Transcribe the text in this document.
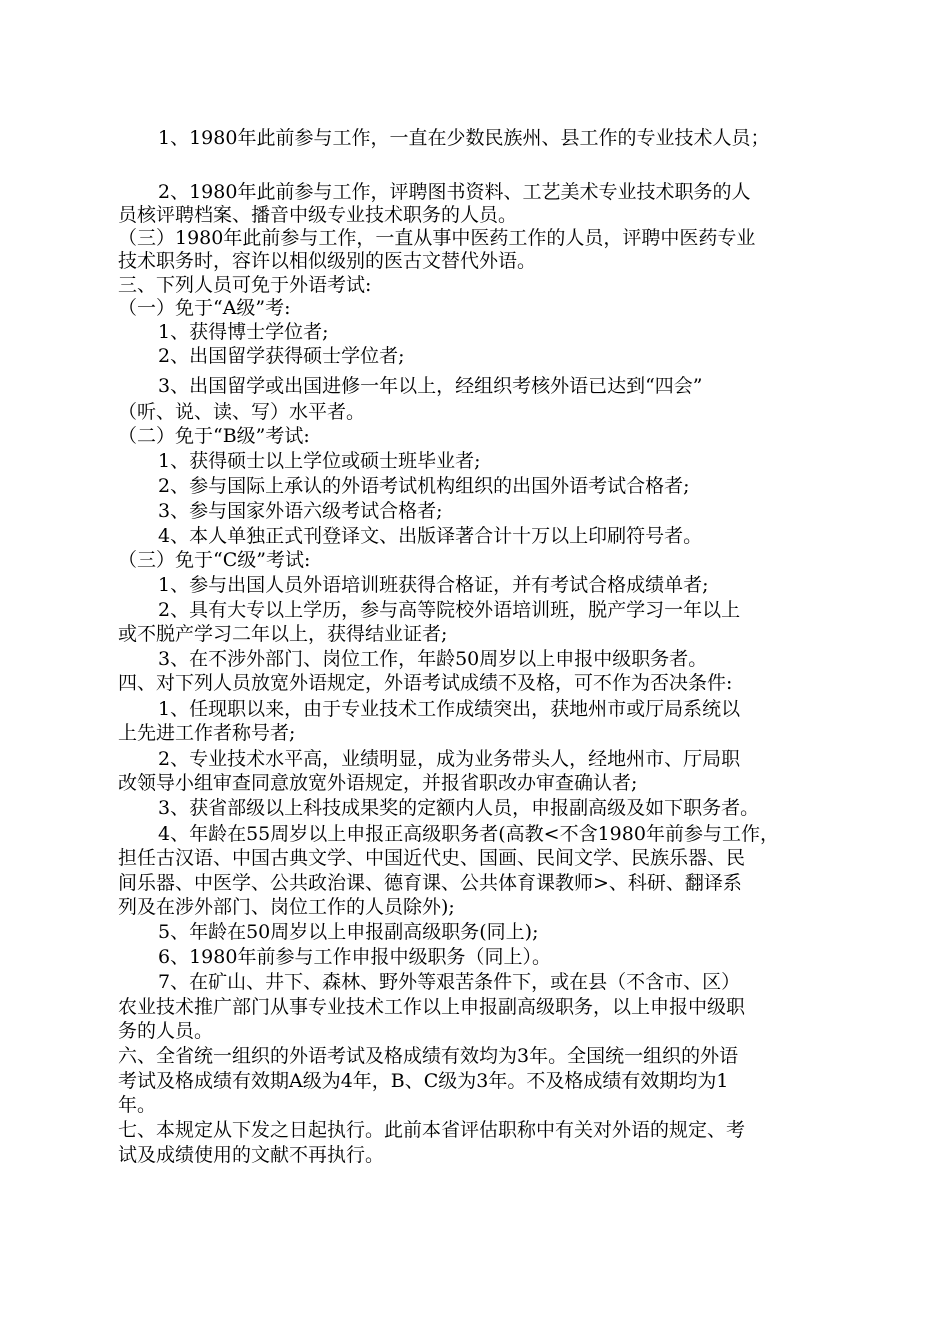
1、1980年此前参与工作，一直在少数民族州、县工作的专业技术人员；
2、1980年此前参与工作，评聘图书资料、工艺美术专业技术职务的人
员核评聘档案、播音中级专业技术职务的人员。
（三）1980年此前参与工作，一直从事中医药工作的人员，评聘中医药专业
技术职务时，容许以相似级别的医古文替代外语。
三、下列人员可免于外语考试:
（一）免于“A级”考:
1、获得博士学位者;
2、出国留学获得硕士学位者;
3、出国留学或出国进修一年以上，经组织考核外语已达到“四会”
（听、说、读、写）水平者。
（二）免于“B级”考试:
1、获得硕士以上学位或硕士班毕业者;
2、参与国际上承认的外语考试机构组织的出国外语考试合格者;
3、参与国家外语六级考试合格者;
4、本人单独正式刊登译文、出版译著合计十万以上印刷符号者。
（三）免于“C级”考试:
1、参与出国人员外语培训班获得合格证，并有考试合格成绩单者;
2、具有大专以上学历，参与高等院校外语培训班，脱产学习一年以上
或不脱产学习二年以上，获得结业证者;
3、在不涉外部门、岗位工作，年龄50周岁以上申报中级职务者。
四、对下列人员放宽外语规定，外语考试成绩不及格，可不作为否决条件:
1、任现职以来，由于专业技术工作成绩突出，获地州市或厅局系统以
上先进工作者称号者;
2、专业技术水平高，业绩明显，成为业务带头人，经地州市、厅局职
改领导小组审查同意放宽外语规定，并报省职改办审查确认者;
3、获省部级以上科技成果奖的定额内人员，申报副高级及如下职务者。
4、年龄在55周岁以上申报正高级职务者(高教<不含1980年前参与工作，
担任古汉语、中国古典文学、中国近代史、国画、民间文学、民族乐器、民
间乐器、中医学、公共政治课、德育课、公共体育课教师>、科研、翻译系
列及在涉外部门、岗位工作的人员除外);
5、年龄在50周岁以上申报副高级职务(同上);
6、1980年前参与工作申报中级职务（同上）。
7、在矿山、井下、森林、野外等艰苦条件下，或在县（不含市、区）
农业技术推广部门从事专业技术工作以上申报副高级职务，以上申报中级职
务的人员。
六、全省统一组织的外语考试及格成绩有效均为3年。全国统一组织的外语
考试及格成绩有效期A级为4年，B、C级为3年。不及格成绩有效期均为1
年。
七、本规定从下发之日起执行。此前本省评估职称中有关对外语的规定、考
试及成绩使用的文献不再执行。
